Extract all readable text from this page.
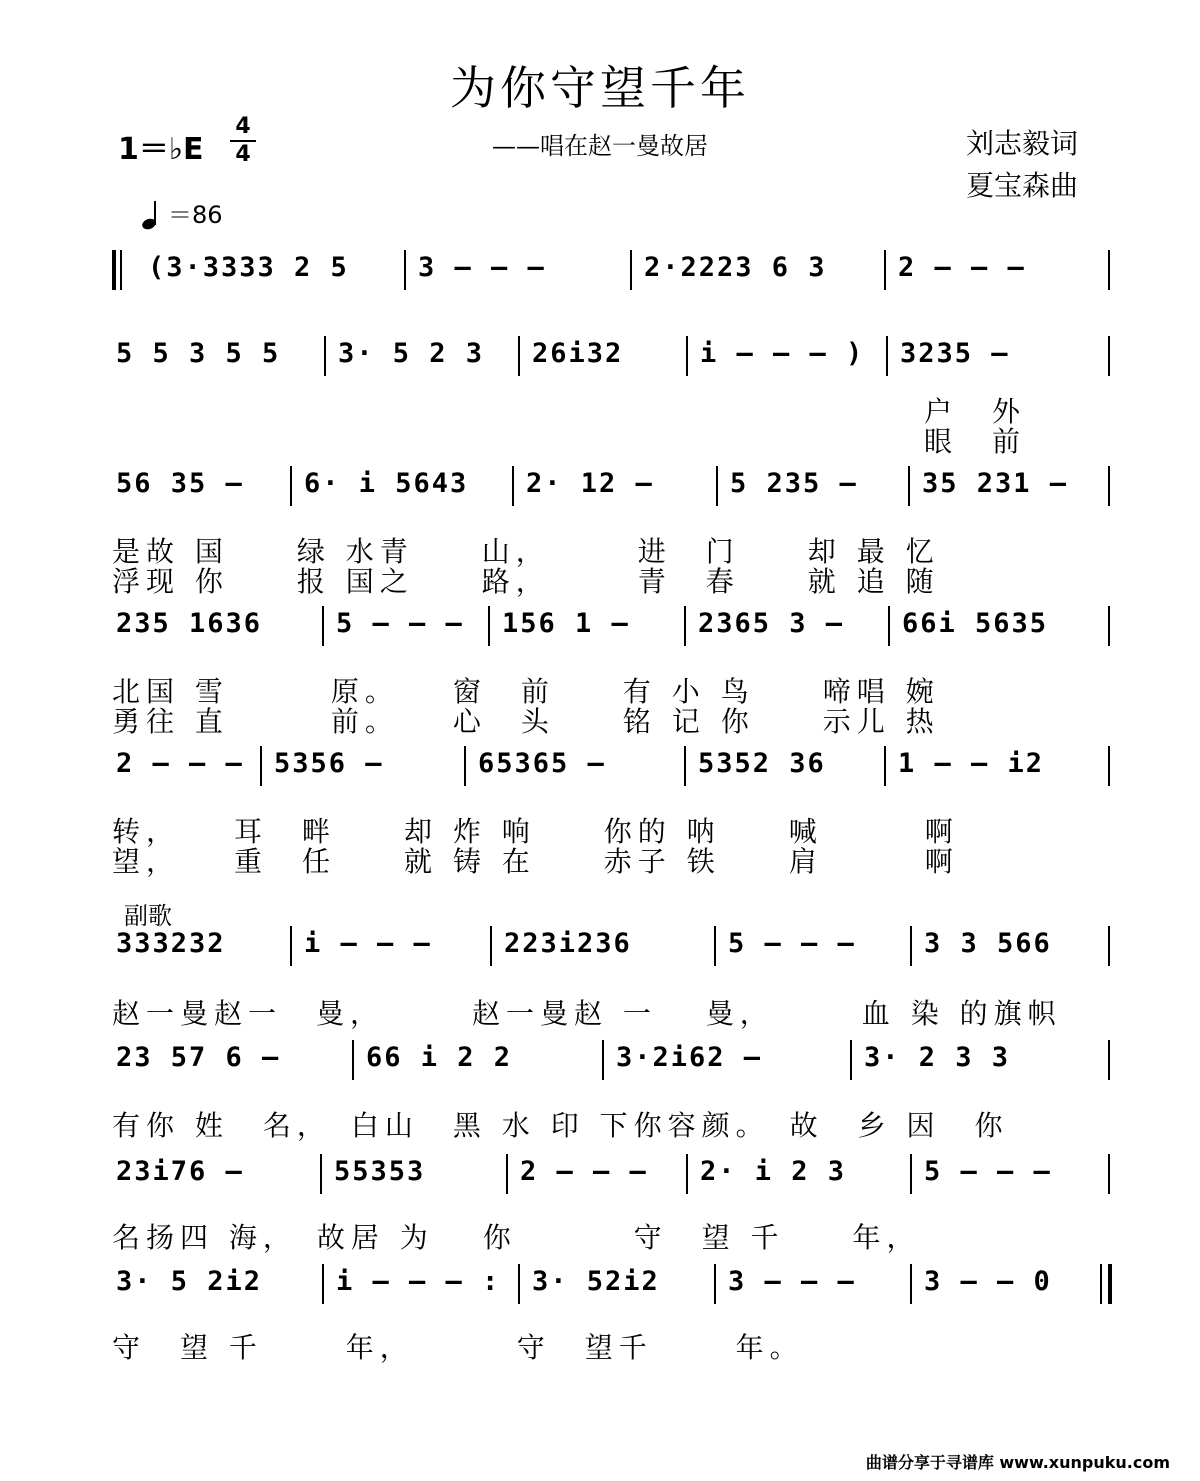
为你守望千年
1＝♭E
4
4	——唱在赵一曼故居	刘志毅词
夏宝森曲
＝86
副歌
(3·3333 2 5	3 — — —	2·2223 6 3	2 — — —
5 5 3 5 5 3· 5 2 3 26i32	i — — — ) 3235 —
户　外
眼　前
56 35 — 6· i 5643 2· 12 —	5 235 — 35 231 —
是故 国　　绿 水青　　山，　　　进　门　　却 最 忆
浮现 你　　报 国之　　路，　　　青　春　　就 追 随
235 1636	5 — — — 156 1 —	2365 3 — 66i 5635
北国 雪　　　原。　　窗　前　　有 小 鸟　　啼唱 婉
勇往 直　　　前。　　心　头　　铭 记 你　　示儿 热
2 — — — 5356 —	65365 —	5352 36	1 — — i2
转，　　耳　畔　　却 炸 响　　你的 呐　　喊　　　啊
望，　　重　任　　就 铸 在　　赤子 铁　　肩　　　啊
333232	i — — —	223i236	5 — — —	3 3 566
赵一曼赵一　曼，　　　赵一曼赵 一　 曼，　　　血 染 的旗帜
23 57 6 —	66 i 2 2	3·2i62 —	3· 2 3 3
有你 姓　名，　白山　黑 水 印 下你容颜。　故　乡 因　你
23i76 —	55353	2 — — — 2· i 2 3	5 — — —
名扬四 海，　故居 为　 你　　　 守　望 千　　年，
3· 5 2i2	i — — — : 3· 52i2	3 — — —	3 — — 0
守　望 千　　 年，　　　 守　望千　　 年。
曲谱分享于寻谱库 www.xunpuku.com
